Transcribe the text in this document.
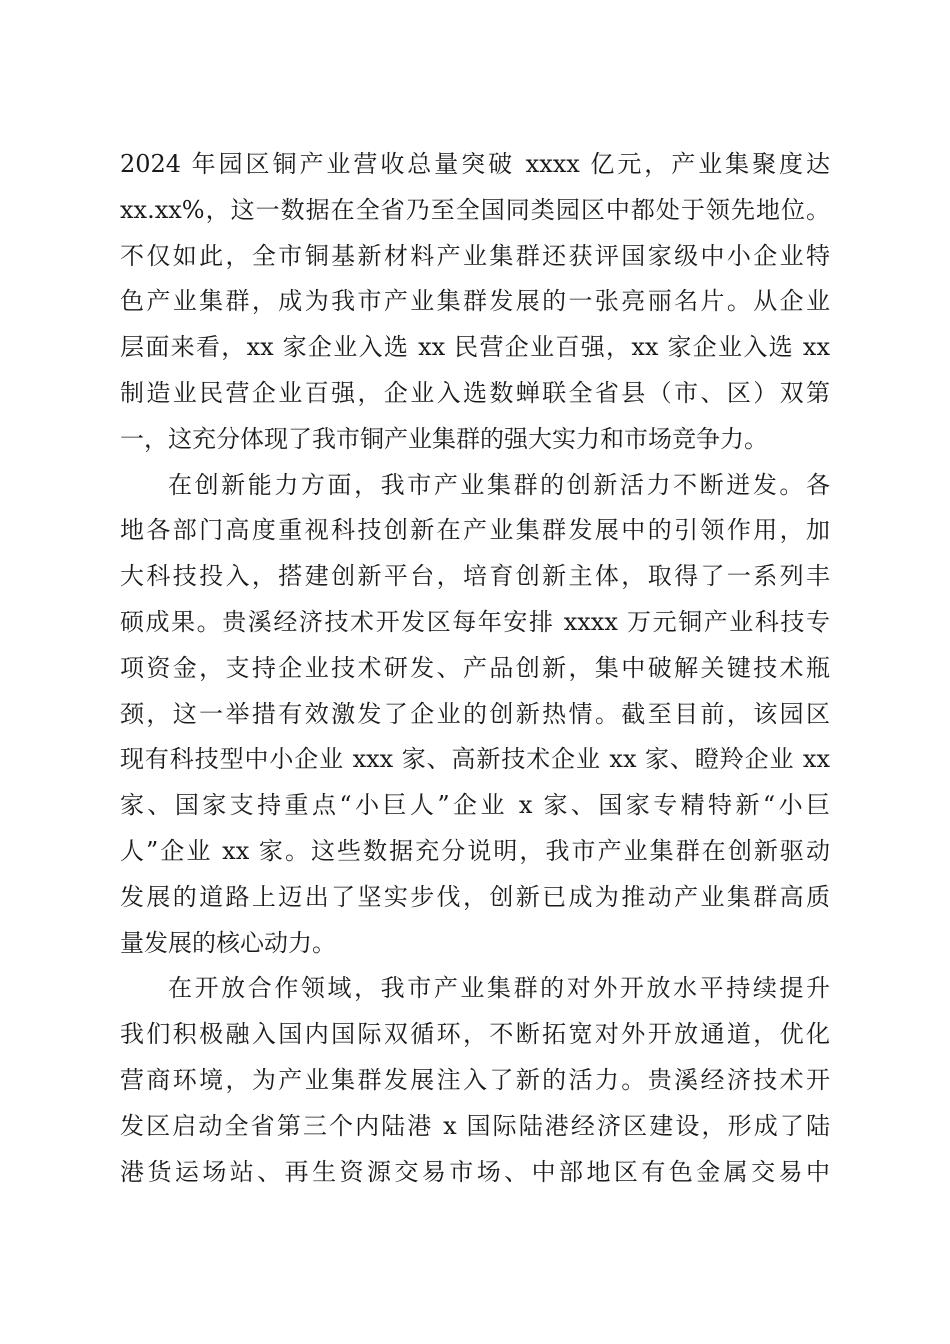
2024 年园区铜产业营收总量突破 xxxx 亿元，产业集聚度达
xx.xx%，这一数据在全省乃至全国同类园区中都处于领先地位。
不仅如此，全市铜基新材料产业集群还获评国家级中小企业特
色产业集群，成为我市产业集群发展的一张亮丽名片。从企业
层面来看，xx 家企业入选 xx 民营企业百强，xx 家企业入选 xx
制造业民营企业百强，企业入选数蝉联全省县（市、区）双第
一，这充分体现了我市铜产业集群的强大实力和市场竞争力。
在创新能力方面，我市产业集群的创新活力不断迸发。各
地各部门高度重视科技创新在产业集群发展中的引领作用，加
大科技投入，搭建创新平台，培育创新主体，取得了一系列丰
硕成果。贵溪经济技术开发区每年安排 xxxx 万元铜产业科技专
项资金，支持企业技术研发、产品创新，集中破解关键技术瓶
颈，这一举措有效激发了企业的创新热情。截至目前，该园区
现有科技型中小企业 xxx 家、高新技术企业 xx 家、瞪羚企业 xx
家、国家支持重点“小巨人”企业 x 家、国家专精特新“小巨
人”企业 xx 家。这些数据充分说明，我市产业集群在创新驱动
发展的道路上迈出了坚实步伐，创新已成为推动产业集群高质
量发展的核心动力。
在开放合作领域，我市产业集群的对外开放水平持续提升
我们积极融入国内国际双循环，不断拓宽对外开放通道，优化
营商环境，为产业集群发展注入了新的活力。贵溪经济技术开
发区启动全省第三个内陆港 x 国际陆港经济区建设，形成了陆
港货运场站、再生资源交易市场、中部地区有色金属交易中
